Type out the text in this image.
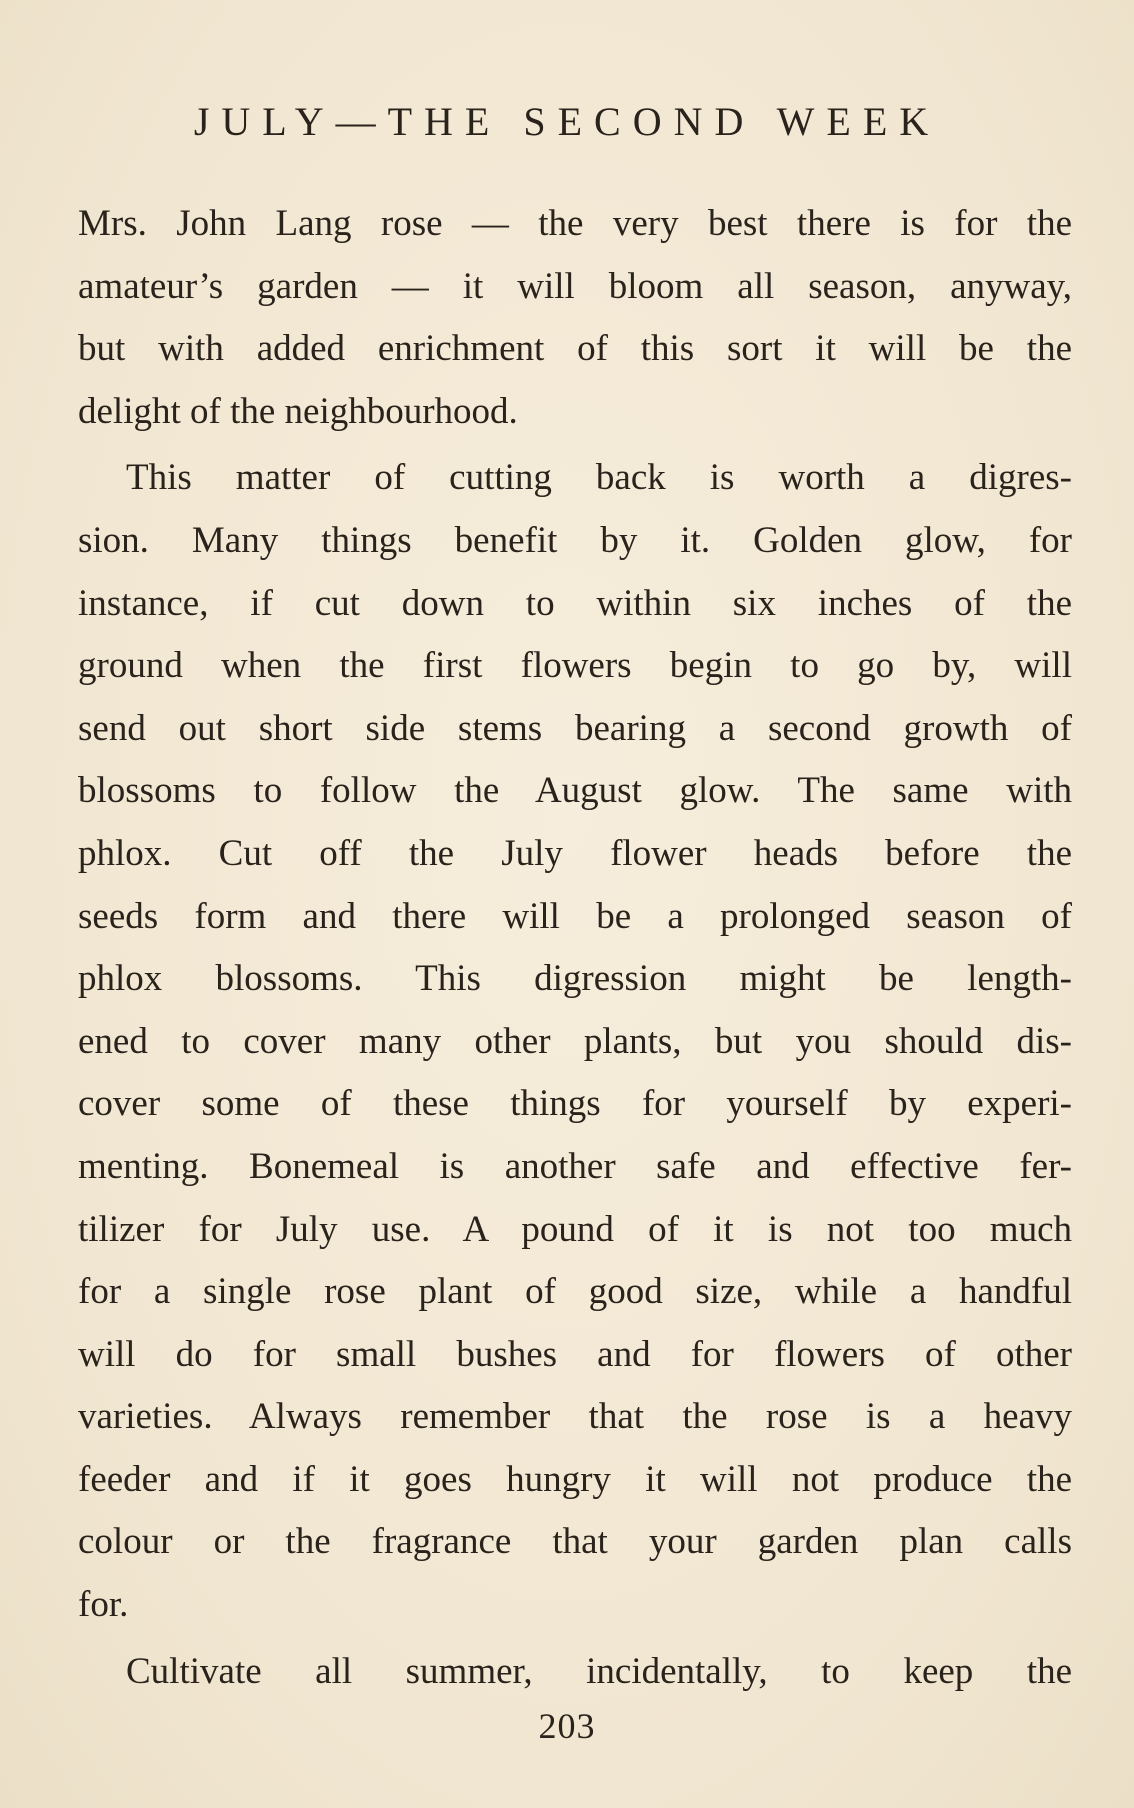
JULY—THE SECOND WEEK
Mrs. John Lang rose — the very best there is for the
amateur’s garden — it will bloom all season, anyway,
but with added enrichment of this sort it will be the
delight of the neighbourhood.
This matter of cutting back is worth a digres-
sion. Many things benefit by it. Golden glow, for
instance, if cut down to within six inches of the
ground when the first flowers begin to go by, will
send out short side stems bearing a second growth of
blossoms to follow the August glow. The same with
phlox. Cut off the July flower heads before the
seeds form and there will be a prolonged season of
phlox blossoms. This digression might be length-
ened to cover many other plants, but you should dis-
cover some of these things for yourself by experi-
menting. Bonemeal is another safe and effective fer-
tilizer for July use. A pound of it is not too much
for a single rose plant of good size, while a handful
will do for small bushes and for flowers of other
varieties. Always remember that the rose is a heavy
feeder and if it goes hungry it will not produce the
colour or the fragrance that your garden plan calls
for.
Cultivate all summer, incidentally, to keep the
203
